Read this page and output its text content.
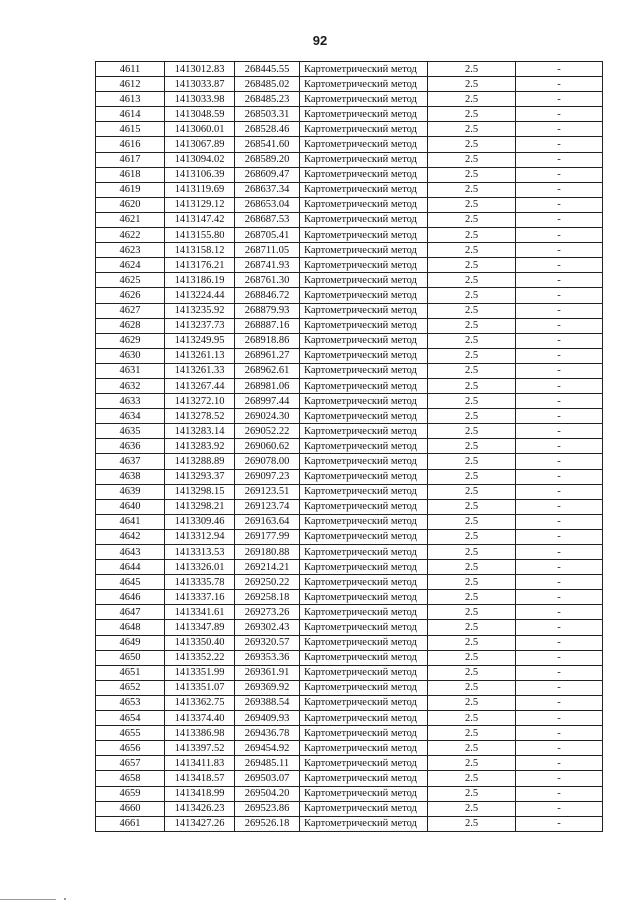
92
4611	1413012.83	268445.55	Картометрический метод	2.5	-
4612	1413033.87	268485.02	Картометрический метод	2.5	-
4613	1413033.98	268485.23	Картометрический метод	2.5	-
4614	1413048.59	268503.31	Картометрический метод	2.5	-
4615	1413060.01	268528.46	Картометрический метод	2.5	-
4616	1413067.89	268541.60	Картометрический метод	2.5	-
4617	1413094.02	268589.20	Картометрический метод	2.5	-
4618	1413106.39	268609.47	Картометрический метод	2.5	-
4619	1413119.69	268637.34	Картометрический метод	2.5	-
4620	1413129.12	268653.04	Картометрический метод	2.5	-
4621	1413147.42	268687.53	Картометрический метод	2.5	-
4622	1413155.80	268705.41	Картометрический метод	2.5	-
4623	1413158.12	268711.05	Картометрический метод	2.5	-
4624	1413176.21	268741.93	Картометрический метод	2.5	-
4625	1413186.19	268761.30	Картометрический метод	2.5	-
4626	1413224.44	268846.72	Картометрический метод	2.5	-
4627	1413235.92	268879.93	Картометрический метод	2.5	-
4628	1413237.73	268887.16	Картометрический метод	2.5	-
4629	1413249.95	268918.86	Картометрический метод	2.5	-
4630	1413261.13	268961.27	Картометрический метод	2.5	-
4631	1413261.33	268962.61	Картометрический метод	2.5	-
4632	1413267.44	268981.06	Картометрический метод	2.5	-
4633	1413272.10	268997.44	Картометрический метод	2.5	-
4634	1413278.52	269024.30	Картометрический метод	2.5	-
4635	1413283.14	269052.22	Картометрический метод	2.5	-
4636	1413283.92	269060.62	Картометрический метод	2.5	-
4637	1413288.89	269078.00	Картометрический метод	2.5	-
4638	1413293.37	269097.23	Картометрический метод	2.5	-
4639	1413298.15	269123.51	Картометрический метод	2.5	-
4640	1413298.21	269123.74	Картометрический метод	2.5	-
4641	1413309.46	269163.64	Картометрический метод	2.5	-
4642	1413312.94	269177.99	Картометрический метод	2.5	-
4643	1413313.53	269180.88	Картометрический метод	2.5	-
4644	1413326.01	269214.21	Картометрический метод	2.5	-
4645	1413335.78	269250.22	Картометрический метод	2.5	-
4646	1413337.16	269258.18	Картометрический метод	2.5	-
4647	1413341.61	269273.26	Картометрический метод	2.5	-
4648	1413347.89	269302.43	Картометрический метод	2.5	-
4649	1413350.40	269320.57	Картометрический метод	2.5	-
4650	1413352.22	269353.36	Картометрический метод	2.5	-
4651	1413351.99	269361.91	Картометрический метод	2.5	-
4652	1413351.07	269369.92	Картометрический метод	2.5	-
4653	1413362.75	269388.54	Картометрический метод	2.5	-
4654	1413374.40	269409.93	Картометрический метод	2.5	-
4655	1413386.98	269436.78	Картометрический метод	2.5	-
4656	1413397.52	269454.92	Картометрический метод	2.5	-
4657	1413411.83	269485.11	Картометрический метод	2.5	-
4658	1413418.57	269503.07	Картометрический метод	2.5	-
4659	1413418.99	269504.20	Картометрический метод	2.5	-
4660	1413426.23	269523.86	Картометрический метод	2.5	-
4661	1413427.26	269526.18	Картометрический метод	2.5	-
